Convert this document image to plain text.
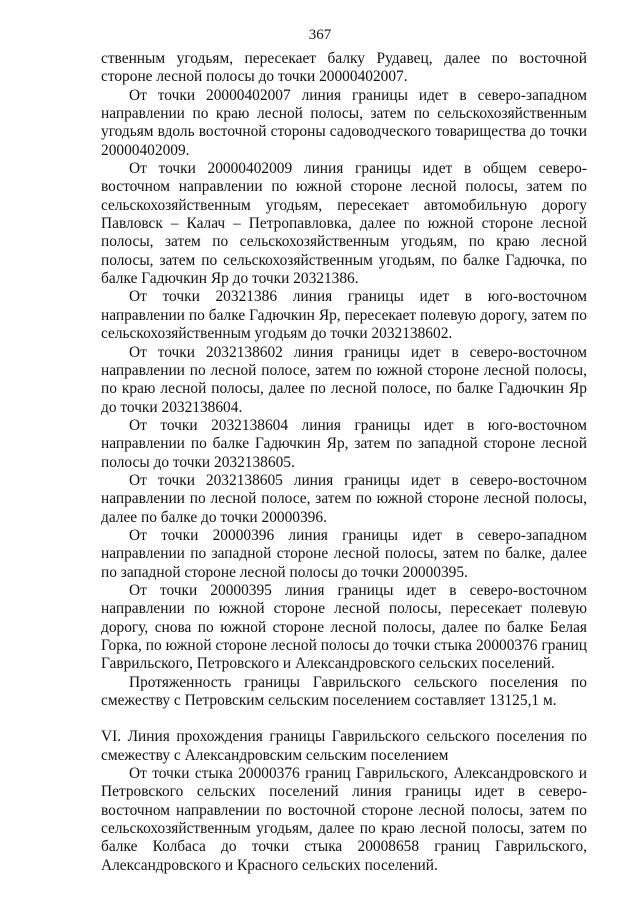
367

ственным угодьям, пересекает балку Рудавец, далее по восточной стороне лесной полосы до точки 20000402007.

От точки 20000402007 линия границы идет в северо-западном направлении по краю лесной полосы, затем по сельскохозяйственным угодьям вдоль восточной стороны садоводческого товарищества до точки 20000402009.

От точки 20000402009 линия границы идет в общем северо-восточном направлении по южной стороне лесной полосы, затем по сельскохозяйственным угодьям, пересекает автомобильную дорогу Павловск – Калач – Петропавловка, далее по южной стороне лесной полосы, затем по сельскохозяйственным угодьям, по краю лесной полосы, затем по сельскохозяйственным угодьям, по балке Гадючка, по балке Гадючкин Яр до точки 20321386.

От точки 20321386 линия границы идет в юго-восточном направлении по балке Гадючкин Яр, пересекает полевую дорогу, затем по сельскохозяйственным угодьям до точки 2032138602.

От точки 2032138602 линия границы идет в северо-восточном направлении по лесной полосе, затем по южной стороне лесной полосы, по краю лесной полосы, далее по лесной полосе, по балке Гадючкин Яр до точки 2032138604.

От точки 2032138604 линия границы идет в юго-восточном направлении по балке Гадючкин Яр, затем по западной стороне лесной полосы до точки 2032138605.

От точки 2032138605 линия границы идет в северо-восточном направлении по лесной полосе, затем по южной стороне лесной полосы, далее по балке до точки 20000396.

От точки 20000396 линия границы идет в северо-западном направлении по западной стороне лесной полосы, затем по балке, далее по западной стороне лесной полосы до точки 20000395.

От точки 20000395 линия границы идет в северо-восточном направлении по южной стороне лесной полосы, пересекает полевую дорогу, снова по южной стороне лесной полосы, далее по балке Белая Горка, по южной стороне лесной полосы до точки стыка 20000376 границ Гаврильского, Петровского и Александровского сельских поселений.

Протяженность границы Гаврильского сельского поселения по смежеству с Петровским сельским поселением составляет 13125,1 м.

VI. Линия прохождения границы Гаврильского сельского поселения по смежеству с Александровским сельским поселением

От точки стыка 20000376 границ Гаврильского, Александровского и Петровского сельских поселений линия границы идет в северо-восточном направлении по восточной стороне лесной полосы, затем по сельскохозяйственным угодьям, далее по краю лесной полосы, затем по балке Колбаса до точки стыка 20008658 границ Гаврильского, Александровского и Красного сельских поселений.
